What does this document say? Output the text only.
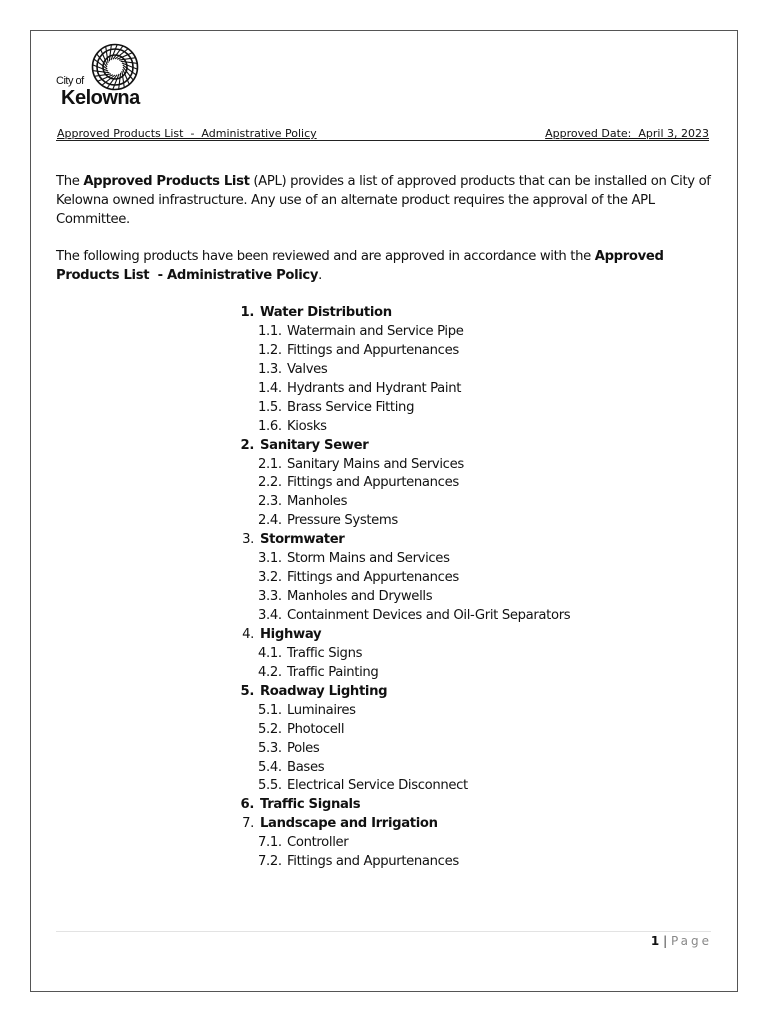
City of
Kelowna
Approved Products List  -  Administrative Policy	Approved Date:  April 3, 2023
The Approved Products List (APL) provides a list of approved products that can be installed on City of Kelowna owned infrastructure. Any use of an alternate product requires the approval of the APL Committee.
The following products have been reviewed and are approved in accordance with the Approved Products List  - Administrative Policy.
1. Water Distribution
1.1. Watermain and Service Pipe
1.2. Fittings and Appurtenances
1.3. Valves
1.4. Hydrants and Hydrant Paint
1.5. Brass Service Fitting
1.6. Kiosks
2. Sanitary Sewer
2.1. Sanitary Mains and Services
2.2. Fittings and Appurtenances
2.3. Manholes
2.4. Pressure Systems
3. Stormwater
3.1. Storm Mains and Services
3.2. Fittings and Appurtenances
3.3. Manholes and Drywells
3.4. Containment Devices and Oil-Grit Separators
4. Highway
4.1. Traffic Signs
4.2. Traffic Painting
5. Roadway Lighting
5.1. Luminaires
5.2. Photocell
5.3. Poles
5.4. Bases
5.5. Electrical Service Disconnect
6. Traffic Signals
7. Landscape and Irrigation
7.1. Controller
7.2. Fittings and Appurtenances
1 | Page
